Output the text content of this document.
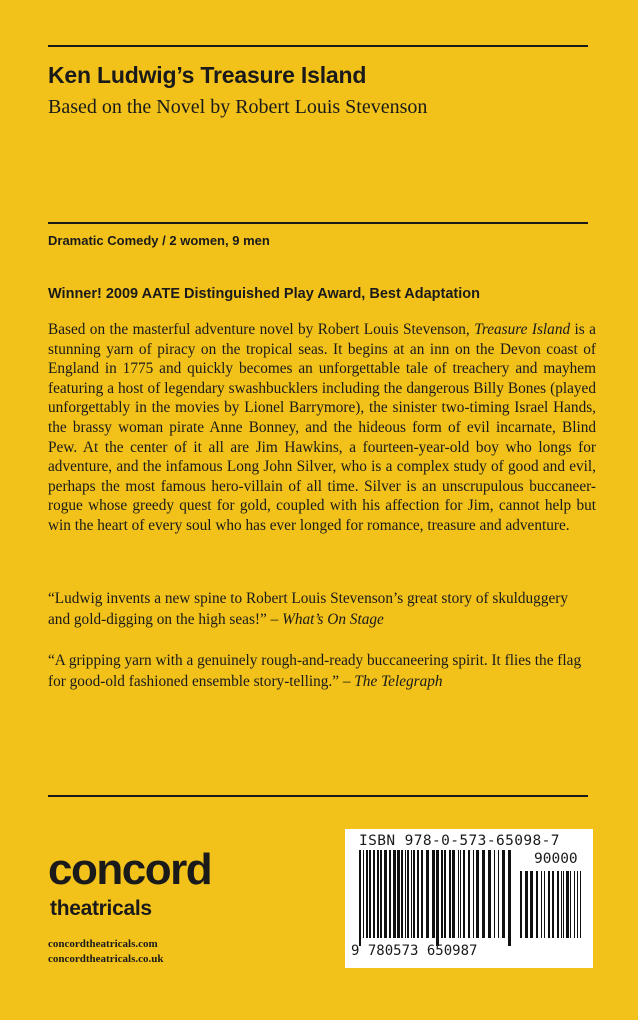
Ken Ludwig’s Treasure Island
Based on the Novel by Robert Louis Stevenson
Dramatic Comedy / 2 women, 9 men
Winner! 2009 AATE Distinguished Play Award, Best Adaptation

Based on the masterful adventure novel by Robert Louis Stevenson, Treasure Island is a stunning yarn of piracy on the tropical seas. It begins at an inn on the Devon coast of England in 1775 and quickly becomes an unforgettable tale of treachery and mayhem featuring a host of legendary swashbucklers including the dangerous Billy Bones (played unforgettably in the movies by Lionel Barrymore), the sinister two-timing Israel Hands, the brassy woman pirate Anne Bonney, and the hideous form of evil incarnate, Blind Pew. At the center of it all are Jim Hawkins, a fourteen-year-old boy who longs for adventure, and the infamous Long John Silver, who is a complex study of good and evil, perhaps the most famous hero-villain of all time. Silver is an unscrupulous buccaneer-rogue whose greedy quest for gold, coupled with his affection for Jim, cannot help but win the heart of every soul who has ever longed for romance, treasure and adventure.

“Ludwig invents a new spine to Robert Louis Stevenson’s great story of skulduggery and gold-digging on the high seas!” – What’s On Stage

“A gripping yarn with a genuinely rough-and-ready buccaneering spirit. It flies the flag for good-old fashioned ensemble story-telling.” – The Telegraph

concord
theatricals
concordtheatricals.com
concordtheatricals.co.uk
ISBN 978-0-573-65098-7
90000
9 780573 650987
